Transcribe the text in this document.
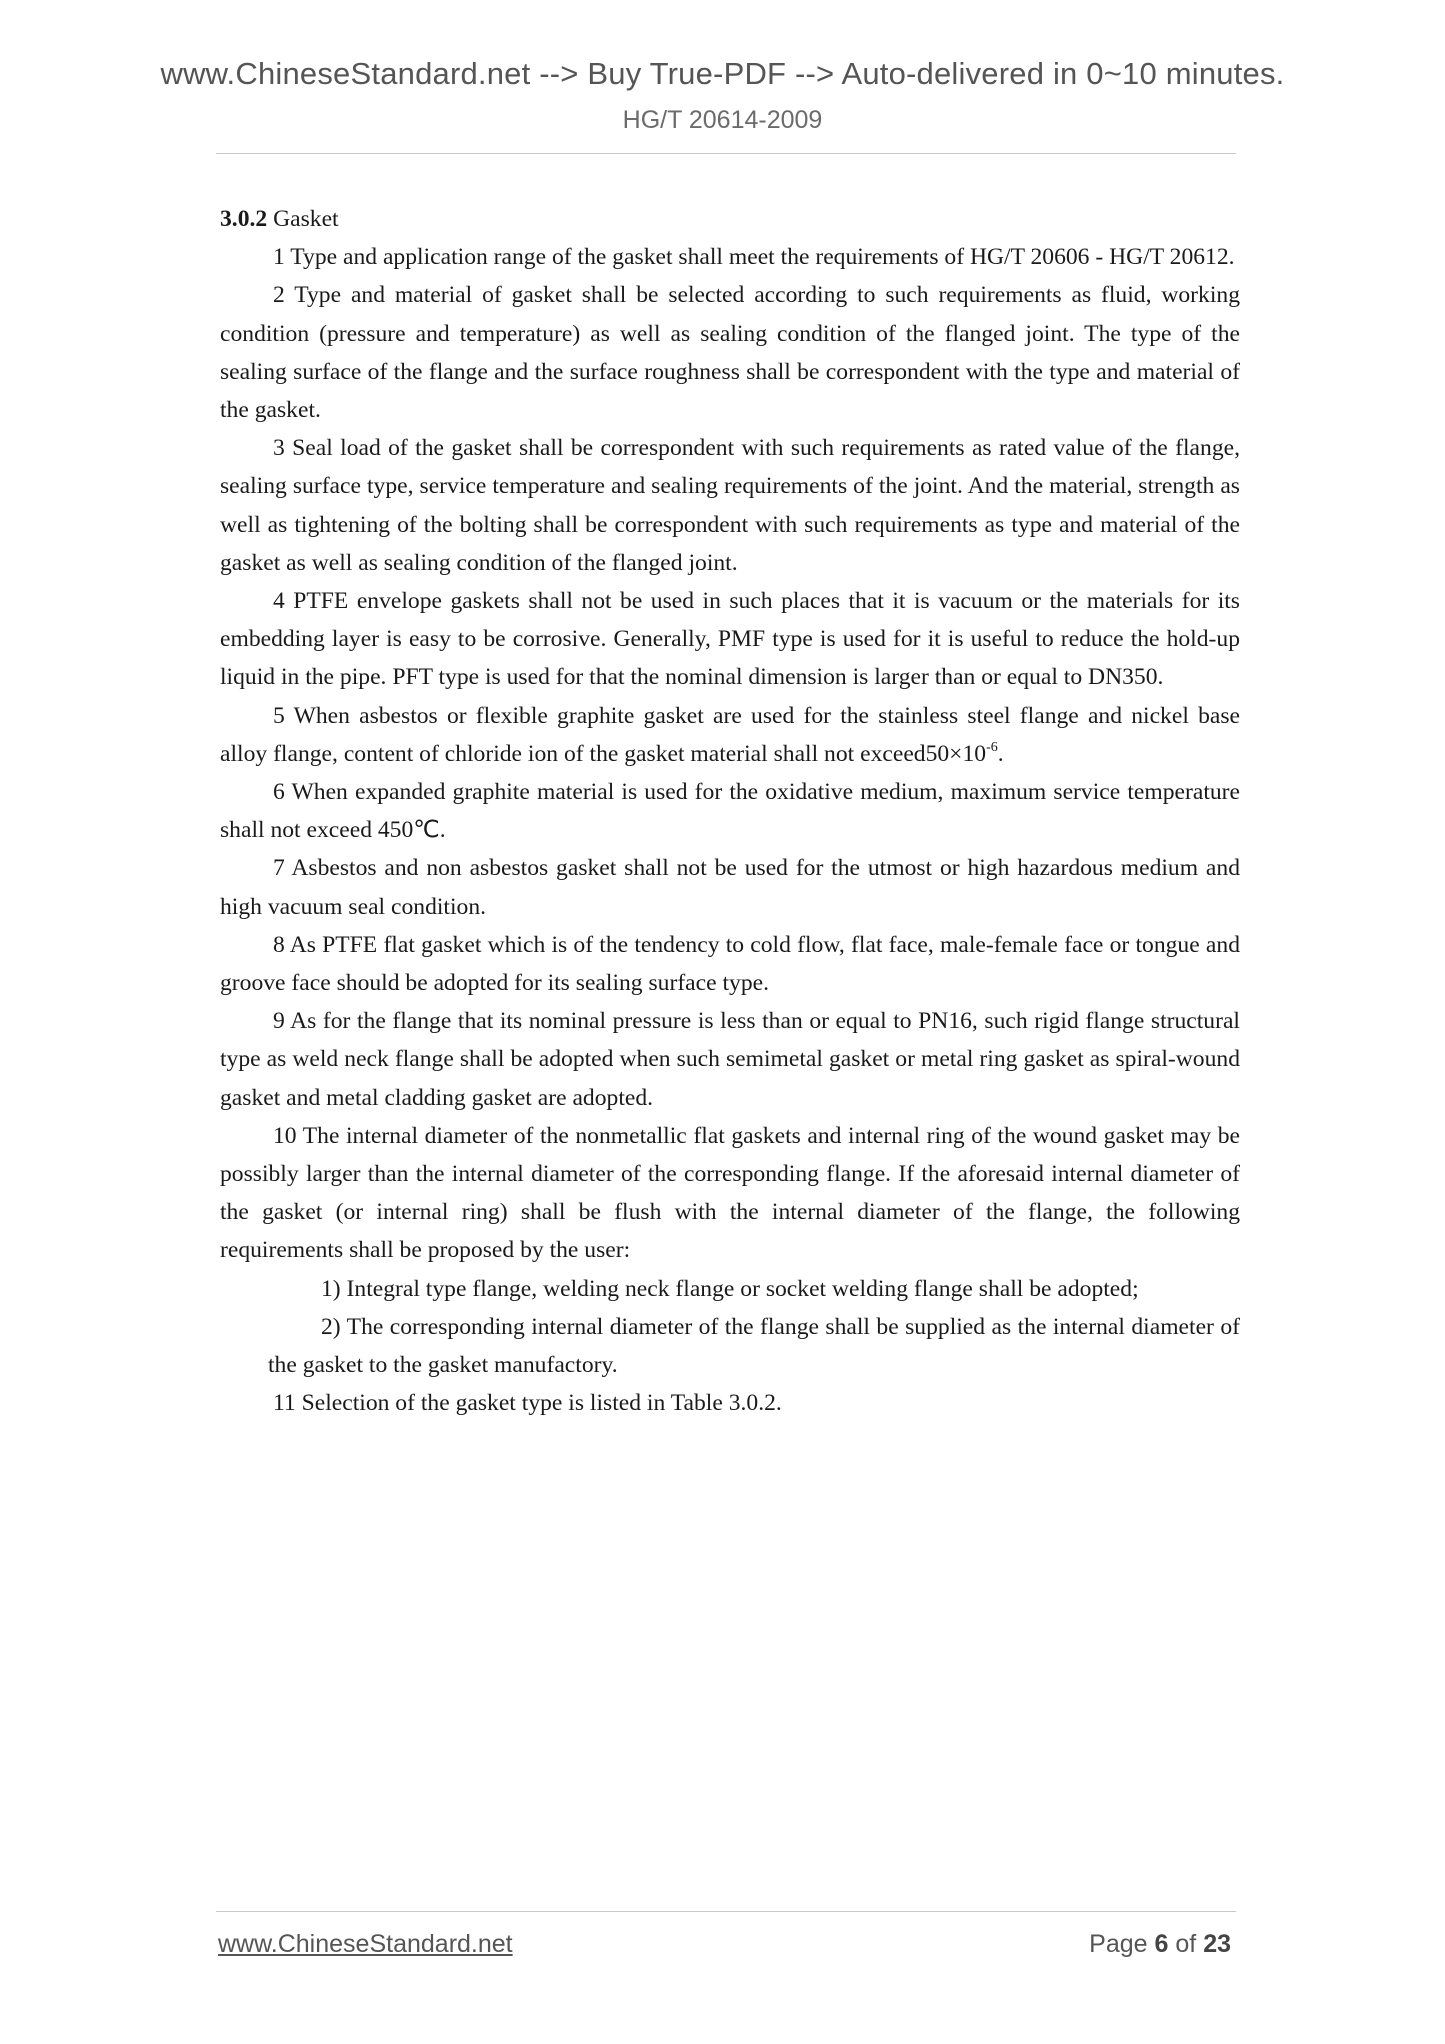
www.ChineseStandard.net --> Buy True-PDF --> Auto-delivered in 0~10 minutes.
HG/T 20614-2009

3.0.2 Gasket

1 Type and application range of the gasket shall meet the requirements of HG/T 20606 - HG/T 20612.

2 Type and material of gasket shall be selected according to such requirements as fluid, working condition (pressure and temperature) as well as sealing condition of the flanged joint. The type of the sealing surface of the flange and the surface roughness shall be correspondent with the type and material of the gasket.

3 Seal load of the gasket shall be correspondent with such requirements as rated value of the flange, sealing surface type, service temperature and sealing requirements of the joint. And the material, strength as well as tightening of the bolting shall be correspondent with such requirements as type and material of the gasket as well as sealing condition of the flanged joint.

4 PTFE envelope gaskets shall not be used in such places that it is vacuum or the materials for its embedding layer is easy to be corrosive. Generally, PMF type is used for it is useful to reduce the hold-up liquid in the pipe. PFT type is used for that the nominal dimension is larger than or equal to DN350.

5 When asbestos or flexible graphite gasket are used for the stainless steel flange and nickel base alloy flange, content of chloride ion of the gasket material shall not $exceed50\times 10^{-6}$.

6 When expanded graphite material is used for the oxidative medium, maximum service temperature shall not exceed 450℃.

7 Asbestos and non asbestos gasket shall not be used for the utmost or high hazardous medium and high vacuum seal condition.

8 As PTFE flat gasket which is of the tendency to cold flow, flat face, male-female face or tongue and groove face should be adopted for its sealing surface type.

9 As for the flange that its nominal pressure is less than or equal to PN16, such rigid flange structural type as weld neck flange shall be adopted when such semimetal gasket or metal ring gasket as spiral-wound gasket and metal cladding gasket are adopted.

10 The internal diameter of the nonmetallic flat gaskets and internal ring of the wound gasket may be possibly larger than the internal diameter of the corresponding flange. If the aforesaid internal diameter of the gasket (or internal ring) shall be flush with the internal diameter of the flange, the following requirements shall be proposed by the user:

1) Integral type flange, welding neck flange or socket welding flange shall be adopted;

2) The corresponding internal diameter of the flange shall be supplied as the internal diameter of the gasket to the gasket manufactory.

11 Selection of the gasket type is listed in Table 3.0.2.

www.ChineseStandard.net	Page 6 of 23
